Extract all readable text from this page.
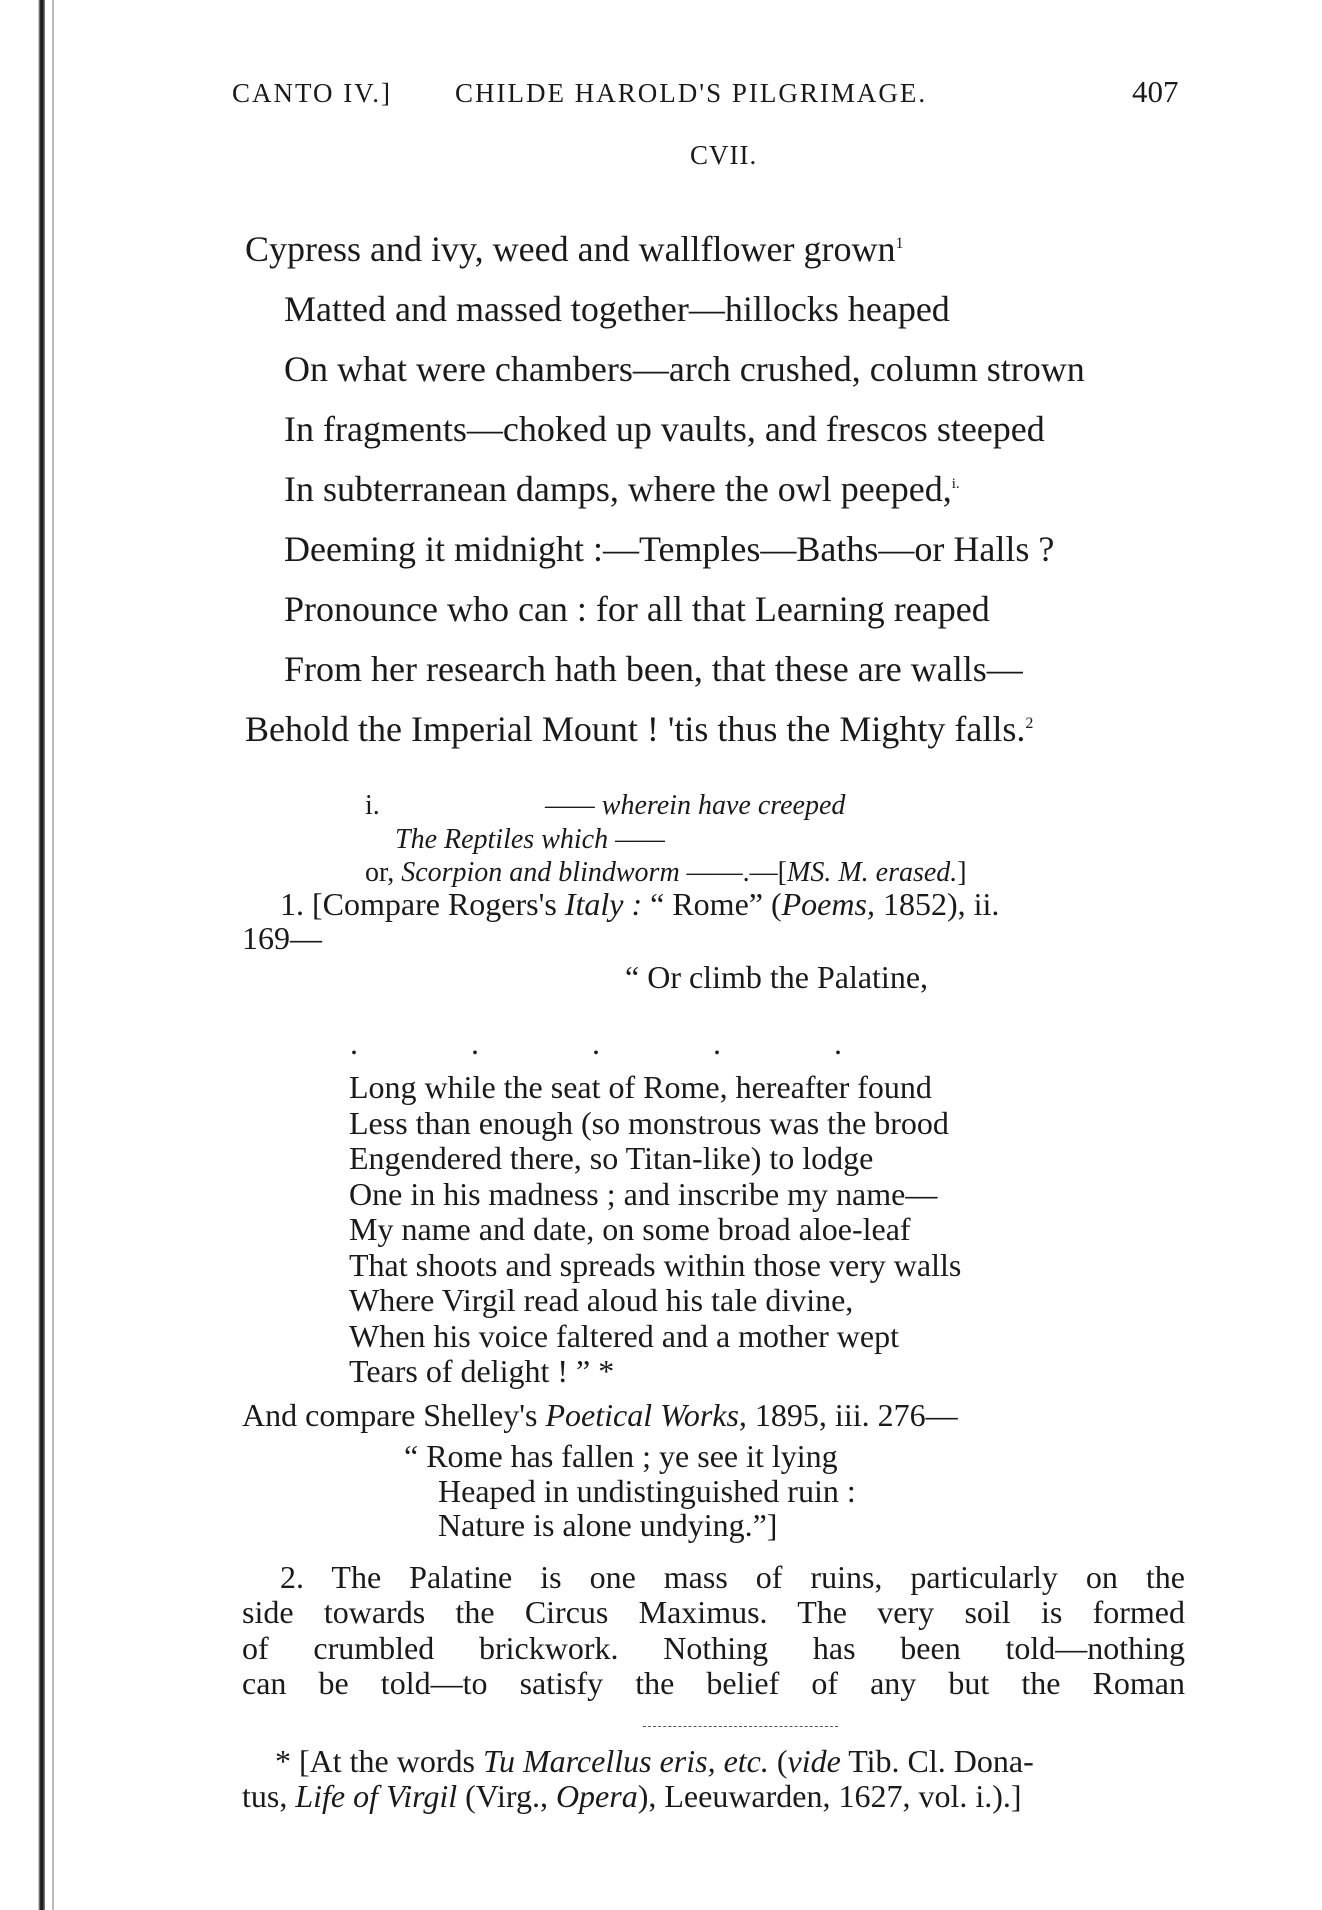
CANTO IV.] CHILDE HAROLD'S PILGRIMAGE.	407
CVII.
Cypress and ivy, weed and wallflower grown$^1$
Matted and massed together—hillocks heaped
On what were chambers—arch crushed, column strown
In fragments—choked up vaults, and frescos steeped
In subterranean damps, where the owl peeped,$^{i.}$
Deeming it midnight :—Temples—Baths—or Halls ?
Pronounce who can : for all that Learning reaped
From her research hath been, that these are walls—
Behold the Imperial Mount ! 'tis thus the Mighty falls.$^2$
i.	—— wherein have creeped
The Reptiles which ——
or, Scorpion and blindworm ——.—[MS. M. erased.]
1. [Compare Rogers's Italy : “ Rome” (Poems, 1852), ii.
169—
“ Or climb the Palatine,
.          .          .          .          .
Long while the seat of Rome, hereafter found
Less than enough (so monstrous was the brood
Engendered there, so Titan-like) to lodge
One in his madness ; and inscribe my name—
My name and date, on some broad aloe-leaf
That shoots and spreads within those very walls
Where Virgil read aloud his tale divine,
When his voice faltered and a mother wept
Tears of delight ! ” *
And compare Shelley's Poetical Works, 1895, iii. 276—
“ Rome has fallen ; ye see it lying
Heaped in undistinguished ruin :
Nature is alone undying.”]
2. The Palatine is one mass of ruins, particularly on the
side towards the Circus Maximus. The very soil is formed
of crumbled brickwork. Nothing has been told—nothing
can be told—to satisfy the belief of any but the Roman
* [At the words Tu Marcellus eris, etc. (vide Tib. Cl. Dona-
tus, Life of Virgil (Virg., Opera), Leeuwarden, 1627, vol. i.).]
